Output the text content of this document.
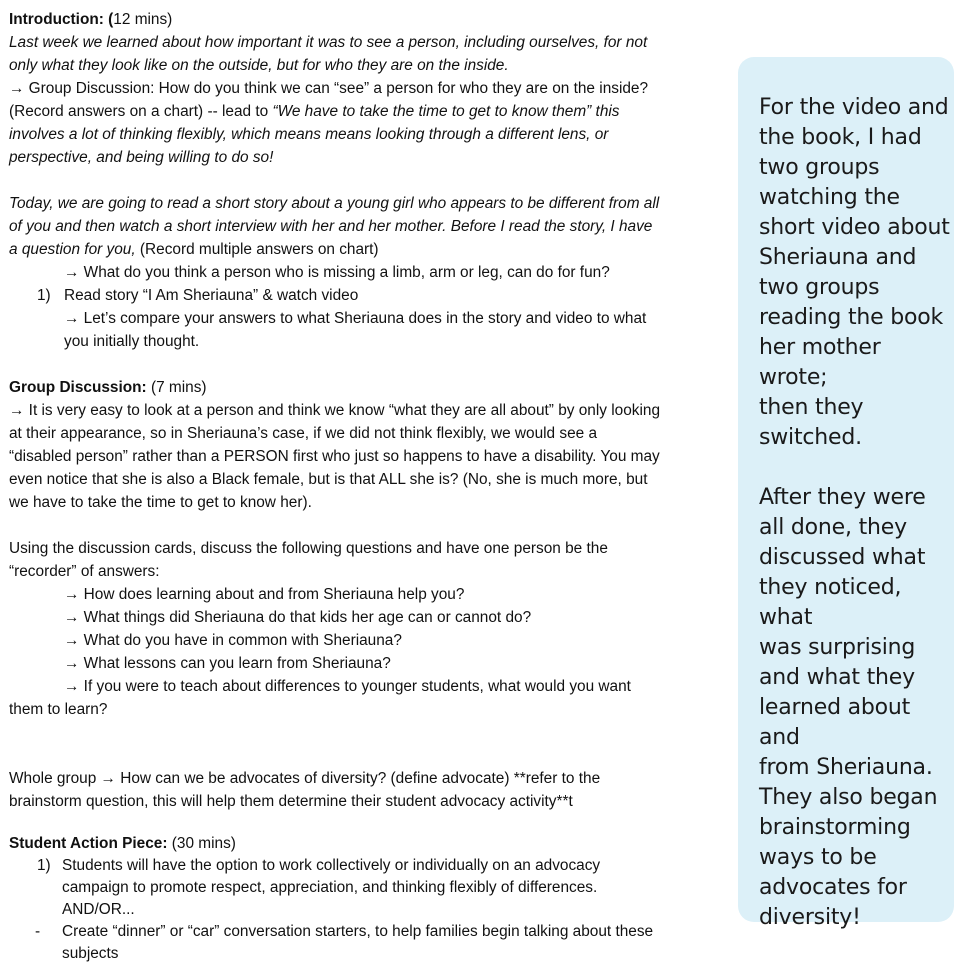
Introduction: (12 mins)

Last week we learned about how important it was to see a person, including ourselves, for not

only what they look like on the outside, but for who they are on the inside.

→ Group Discussion: How do you think we can “see” a person for who they are on the inside?

(Record answers on a chart) -- lead to “We have to take the time to get to know them” this

involves a lot of thinking flexibly, which means means looking through a different lens, or

perspective, and being willing to do so!

Today, we are going to read a short story about a young girl who appears to be different from all

of you and then watch a short interview with her and her mother. Before I read the story, I have

a question for you, (Record multiple answers on chart)

→ What do you think a person who is missing a limb, arm or leg, can do for fun?

1) Read story “I Am Sheriauna” & watch video

→ Let’s compare your answers to what Sheriauna does in the story and video to what

you initially thought.

Group Discussion: (7 mins)

→ It is very easy to look at a person and think we know “what they are all about” by only looking

at their appearance, so in Sheriauna’s case, if we did not think flexibly, we would see a

“disabled person” rather than a PERSON first who just so happens to have a disability. You may

even notice that she is also a Black female, but is that ALL she is? (No, she is much more, but

we have to take the time to get to know her).

Using the discussion cards, discuss the following questions and have one person be the

“recorder” of answers:

→ How does learning about and from Sheriauna help you?

→ What things did Sheriauna do that kids her age can or cannot do?

→ What do you have in common with Sheriauna?

→ What lessons can you learn from Sheriauna?

→ If you were to teach about differences to younger students, what would you want

them to learn?

Whole group → How can we be advocates of diversity? (define advocate) **refer to the

brainstorm question, this will help them determine their student advocacy activity**t

Student Action Piece: (30 mins)

1) Students will have the option to work collectively or individually on an advocacy

campaign to promote respect, appreciation, and thinking flexibly of differences.

AND/OR...

- Create “dinner” or “car” conversation starters, to help families begin talking about these

subjects

For the video and

the book, I had

two groups

watching the

short video about

Sheriauna and

two groups

reading the book

her mother wrote;

then they

switched.

After they were

all done, they

discussed what

they noticed, what

was surprising

and what they

learned about and

from Sheriauna.

They also began

brainstorming

ways to be

advocates for

diversity!
